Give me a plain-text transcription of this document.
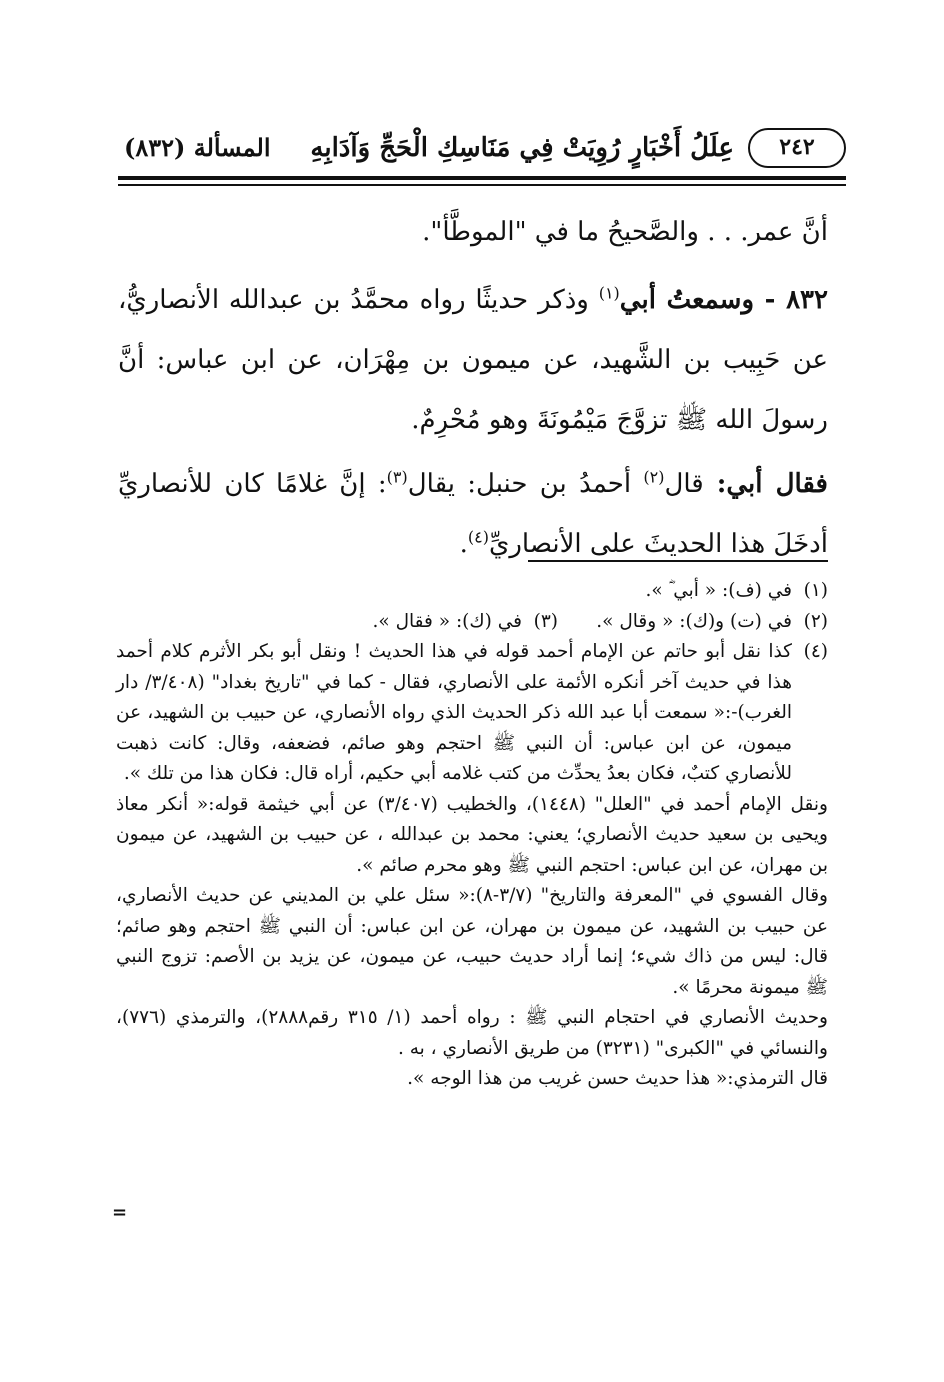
٢٤٢
عِلَلُ أَخْبَارٍ رُوِيَتْ فِي مَنَاسِكِ الْحَجِّ وَآدَابِهِ
المسألة (٨٣٢)

أنَّ عمر. . . والصَّحيحُ ما في "الموطَّأ".

٨٣٢ - وسمعتُ أبي$^{(١)}$ وذكر حديثًا رواه محمَّدُ بن عبدالله الأنصاريُّ، عن حَبِيب بن الشَّهيد، عن ميمون بن مِهْرَان، عن ابن عباس: أنَّ رسولَ الله ﷺ تزوَّجَ مَيْمُونَةَ وهو مُحْرِمٌ.

فقال أبي: قال$^{(٢)}$ أحمدُ بن حنبل: يقال$^{(٣)}$: إنَّ غلامًا كان للأنصاريِّ أدخَلَ هذا الحديثَ على الأنصاريِّ$^{(٤)}$.

(١)
في (ف): « أبي ؓ ».
(٢)
في (ت) و(ك): « وقال ».
(٣)
في (ك): « فقال ».
(٤)
كذا نقل أبو حاتم عن الإمام أحمد قوله في هذا الحديث ! ونقل أبو بكر الأثرم كلام أحمد هذا في حديث آخر أنكره الأئمة على الأنصاري، فقال - كما في "تاريخ بغداد" (٣/٤٠٨/ دار الغرب)-:« سمعت أبا عبد الله ذكر الحديث الذي رواه الأنصاري، عن حبيب بن الشهيد، عن ميمون، عن ابن عباس: أن النبي ﷺ احتجم وهو صائم، فضعفه، وقال: كانت ذهبت للأنصاري كتبٌ، فكان بعدُ يحدِّث من كتب غلامه أبي حكيم، أراه قال: فكان هذا من تلك ».

ونقل الإمام أحمد في "العلل" (١٤٤٨)، والخطيب (٣/٤٠٧) عن أبي خيثمة قوله:« أنكر معاذ ويحيى بن سعيد حديث الأنصاري؛ يعني: محمد بن عبدالله ، عن حبيب بن الشهيد، عن ميمون بن مهران، عن ابن عباس: احتجم النبي ﷺ وهو محرم صائم ».

وقال الفسوي في "المعرفة والتاريخ" (٣/٧-٨):« سئل علي بن المديني عن حديث الأنصاري، عن حبيب بن الشهيد، عن ميمون بن مهران، عن ابن عباس: أن النبي ﷺ احتجم وهو صائم؛ قال: ليس من ذاك شيء؛ إنما أراد حديث حبيب، عن ميمون، عن يزيد بن الأصم: تزوج النبي ﷺ ميمونة محرمًا ».

وحديث الأنصاري في احتجام النبي ﷺ : رواه أحمد (١/ ٣١٥ رقم٢٨٨٨)، والترمذي (٧٧٦)، والنسائي في "الكبرى" (٣٢٣١) من طريق الأنصاري ، به .

قال الترمذي:« هذا حديث حسن غريب من هذا الوجه ».

=
